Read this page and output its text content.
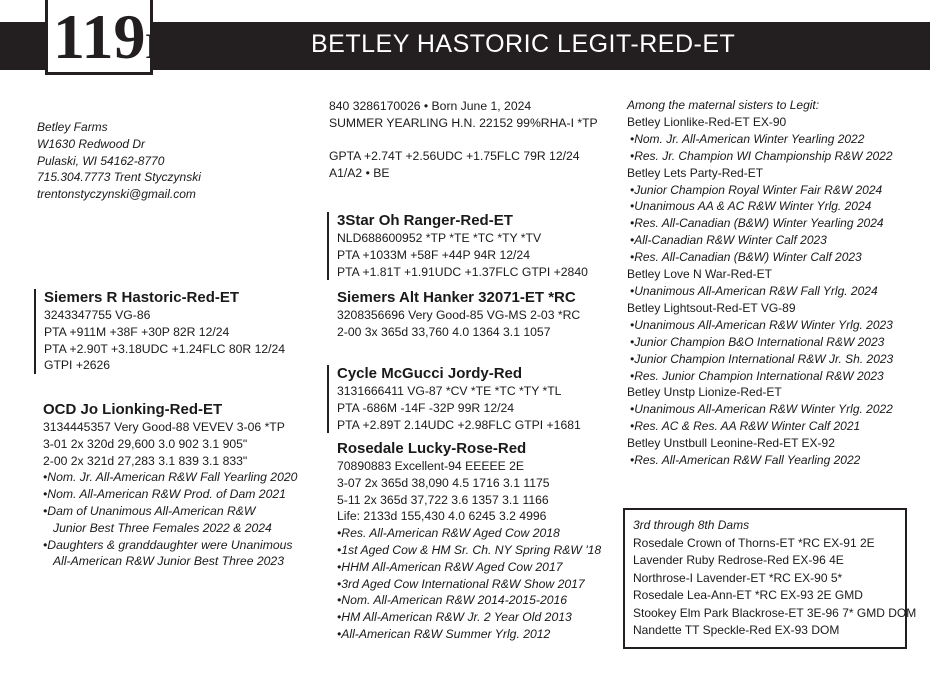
BETLEY HASTORIC LEGIT-RED-ET
119R
Betley Farms
W1630 Redwood Dr
Pulaski, WI 54162-8770
715.304.7773 Trent Styczynski
trentonstyczynski@gmail.com
840 3286170026 • Born June 1, 2024
SUMMER YEARLING H.N. 22152 99%RHA-I *TP
GPTA +2.74T +2.56UDC +1.75FLC 79R 12/24
A1/A2 • BE
Siemers R Hastoric-Red-ET
3243347755 VG-86
PTA +911M +38F +30P 82R 12/24
PTA +2.90T +3.18UDC +1.24FLC 80R 12/24
GTPI +2626
OCD Jo Lionking-Red-ET
3134445357 Very Good-88 VEVEV 3-06 *TP
3-01 2x 320d 29,600 3.0 902 3.1 905"
2-00 2x 321d 27,283 3.1 839 3.1 833"
•Nom. Jr. All-American R&W Fall Yearling 2020
•Nom. All-American R&W Prod. of Dam 2021
•Dam of Unanimous All-American R&W
Junior Best Three Females 2022 & 2024
•Daughters & granddaughter were Unanimous
All-American R&W Junior Best Three 2023
3Star Oh Ranger-Red-ET
NLD688600952 *TP *TE *TC *TY *TV
PTA +1033M +58F +44P 94R 12/24
PTA +1.81T +1.91UDC +1.37FLC GTPI +2840
Siemers Alt Hanker 32071-ET *RC
3208356696 Very Good-85 VG-MS 2-03 *RC
2-00 3x 365d 33,760 4.0 1364 3.1 1057
Cycle McGucci Jordy-Red
3131666411 VG-87 *CV *TE *TC *TY *TL
PTA -686M -14F -32P 99R 12/24
PTA +2.89T 2.14UDC +2.98FLC GTPI +1681
Rosedale Lucky-Rose-Red
70890883 Excellent-94 EEEEE 2E
3-07 2x 365d 38,090 4.5 1716 3.1 1175
5-11 2x 365d 37,722 3.6 1357 3.1 1166
Life: 2133d 155,430 4.0 6245 3.2 4996
•Res. All-American R&W Aged Cow 2018
•1st Aged Cow & HM Sr. Ch. NY Spring R&W '18
•HHM All-American R&W Aged Cow 2017
•3rd Aged Cow International R&W Show 2017
•Nom. All-American R&W 2014-2015-2016
•HM All-American R&W Jr. 2 Year Old 2013
•All-American R&W Summer Yrlg. 2012
Among the maternal sisters to Legit:
Betley Lionlike-Red-ET EX-90
•Nom. Jr. All-American Winter Yearling 2022
•Res. Jr. Champion WI Championship R&W 2022
Betley Lets Party-Red-ET
•Junior Champion Royal Winter Fair R&W 2024
•Unanimous AA & AC R&W Winter Yrlg. 2024
•Res. All-Canadian (B&W) Winter Yearling 2024
•All-Canadian R&W Winter Calf 2023
•Res. All-Canadian (B&W) Winter Calf 2023
Betley Love N War-Red-ET
•Unanimous All-American R&W Fall Yrlg. 2024
Betley Lightsout-Red-ET VG-89
•Unanimous All-American R&W Winter Yrlg. 2023
•Junior Champion B&O International R&W 2023
•Junior Champion International R&W Jr. Sh. 2023
•Res. Junior Champion International R&W 2023
Betley Unstp Lionize-Red-ET
•Unanimous All-American R&W Winter Yrlg. 2022
•Res. AC & Res. AA R&W Winter Calf 2021
Betley Unstbull Leonine-Red-ET EX-92
•Res. All-American R&W Fall Yearling 2022
3rd through 8th Dams
Rosedale Crown of Thorns-ET *RC EX-91 2E
Lavender Ruby Redrose-Red EX-96 4E
Northrose-I Lavender-ET *RC EX-90 5*
Rosedale Lea-Ann-ET *RC EX-93 2E GMD
Stookey Elm Park Blackrose-ET 3E-96 7* GMD DOM
Nandette TT Speckle-Red EX-93 DOM
